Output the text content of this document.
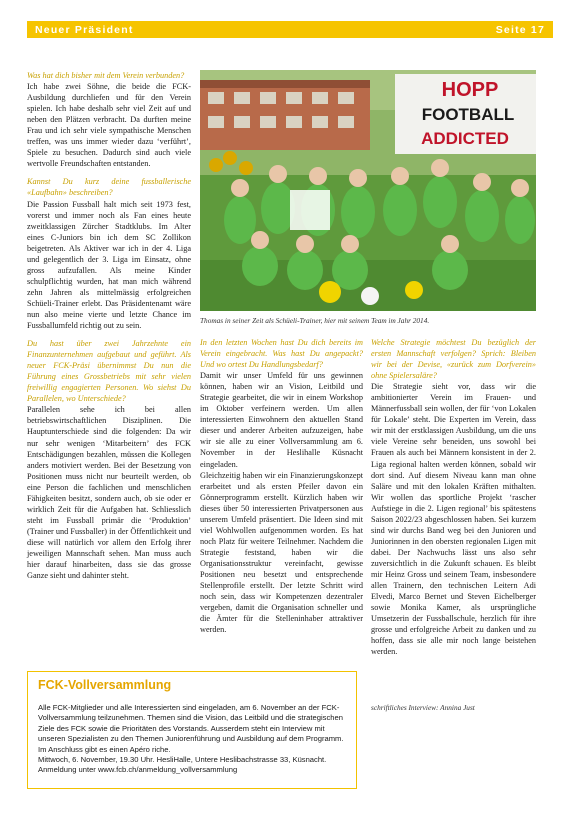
Neuer Präsident	Seite 17

Was hat dich bisher mit dem Verein verbunden?

Ich habe zwei Söhne, die beide die FCK-Ausbildung durchliefen und für den Verein spielen. Ich habe deshalb sehr viel Zeit auf und neben den Plätzen verbracht. Da durften meine Frau und ich sehr viele sympathische Menschen treffen, was uns immer wieder dazu ‘verführt’, Spiele zu besuchen. Dadurch sind auch viele wertvolle Freundschaften entstanden.

Kannst Du kurz deine fussballerische «Laufbahn» beschreiben?

Die Passion Fussball halt mich seit 1973 fest, vorerst und immer noch als Fan eines heute zweitklassigen Zürcher Stadtklubs. Im Alter eines C-Juniors bin ich dem SC Zollikon beigetreten. Als Aktiver war ich in der 4. Liga und gelegentlich der 3. Liga im Einsatz, ohne gross aufzufallen. Als meine Kinder schulpflichtig wurden, hat man mich während zehn Jahren als mittelmässig erfolgreichen Schüeli-Trainer erlebt. Das Präsidentenamt wäre nun also meine vierte und letzte Chance im Fussballumfeld richtig out zu sein.

Du hast über zwei Jahrzehnte ein Finanzunternehmen aufgebaut und geführt. Als neuer FCK-Präsi übernimmst Du nun die Führung eines Grossbetriebs mit sehr vielen freiwillig engagierten Personen. Wo siehst Du Parallelen, wo Unterschiede?

Parallelen sehe ich bei allen betriebswirtschaftlichen Disziplinen. Die Hauptunterschiede sind die folgenden: Da wir nur sehr wenigen ‘Mitarbeitern’ des FCK Entschädigungen bezahlen, müssen die Kollegen anders motiviert werden. Bei der Besetzung von Positionen muss nicht nur beurteilt werden, ob eine Person die fachlichen und menschlichen Fähigkeiten besitzt, sondern auch, ob sie oder er wirklich Zeit für die Aufgaben hat. Schliesslich steht im Fussball primär die ‘Produktion’ (Trainer und Fussballer) in der Öffentlichkeit und diese will natürlich vor allem den Erfolg ihrer jeweiligen Mannschaft sehen. Man muss auch hier darauf hinarbeiten, dass sie das grosse Ganze sieht und dahinter steht.

HOPP
FOOTBALL
ADDICTED
Thomas in seiner Zeit als Schüeli-Trainer, hier mit seinem Team im Jahr 2014.

In den letzten Wochen hast Du dich bereits im Verein eingebracht. Was hast Du angepackt? Und wo ortest Du Handlungsbedarf?

Damit wir unser Umfeld für uns gewinnen können, haben wir an Vision, Leitbild und Strategie gearbeitet, die wir in einem Workshop im Oktober verfeinern werden. Um allen interessierten Einwohnern den aktuellen Stand dieser und anderer Arbeiten aufzuzeigen, habe wir sie alle zu einer Vollversammlung am 6. November in der Heslihalle Küsnacht eingeladen.

Gleichzeitig haben wir ein Finanzierungskonzept erarbeitet und als ersten Pfeiler davon ein Gönnerprogramm erstellt. Kürzlich haben wir dieses über 50 interessierten Privatpersonen aus unserem Umfeld präsentiert. Die Ideen sind mit viel Wohlwollen aufgenommen worden. Es hat noch Platz für weitere Teilnehmer. Nachdem die Strategie feststand, haben wir die Organisationsstruktur vereinfacht, gewisse Positionen neu besetzt und entsprechende Stellenprofile erstellt. Der letzte Schritt wird noch sein, dass wir Kompetenzen dezentraler vergeben, damit die Organisation schneller und die Ämter für die Stelleninhaber attraktiver werden.

Welche Strategie möchtest Du bezüglich der ersten Mannschaft verfolgen? Sprich: Bleiben wir bei der Devise, «zurück zum Dorfverein» ohne Spielersaläre?

Die Strategie sieht vor, dass wir die ambitionierter Verein im Frauen- und Männerfussball sein wollen, der für ‘von Lokalen für Lokale’ steht. Die Experten im Verein, dass wir mit der erstklassigen Ausbildung, um die uns viele Vereine sehr beneiden, uns sowohl bei Frauen als auch bei Männern konsistent in der 2. Liga regional halten werden können, sobald wir dort sind. Auf diesem Niveau kann man ohne Saläre und mit den lokalen Kräften mithalten. Wir wollen das sportliche Projekt ‘rascher Aufstiege in die 2. Ligen regional’ bis spätestens Saison 2022/23 abgeschlossen haben. Sei kurzem sind wir durchs Band weg bei den Junioren und Juniorinnen in den obersten regionalen Ligen mit dabei. Der Nachwuchs lässt uns also sehr zuversichtlich in die Zukunft schauen. Es bleibt mir Heinz Gross und seinem Team, insbesondere allen Trainern, den technischen Leitern Adi Elvedi, Marco Bernet und Steven Eichelberger sowie Monika Kamer, als ursprüngliche Umsetzerin der Fussballschule, herzlich für ihre grosse und erfolgreiche Arbeit zu danken und zu hoffen, dass sie alle mir noch lange beistehen werden.

schriftliches Interview: Annina Just
FCK-Vollversammlung

Alle FCK-Mitglieder und alle Interessierten sind eingeladen, am 6. November an der FCK-Vollversammlung teilzunehmen. Themen sind die Vision, das Leitbild und die strategischen Ziele des FCK sowie die Prioritäten des Vorstands. Ausserdem steht ein Interview mit unseren Spezialisten zu den Themen Juniorenführung und Ausbildung auf dem Programm.

Im Anschluss gibt es einen Apéro riche.

Mittwoch, 6. November, 19.30 Uhr. HesliHalle, Untere Heslibachstrasse 33, Küsnacht.

Anmeldung unter www.fcb.ch/anmeldung_vollversammlung
